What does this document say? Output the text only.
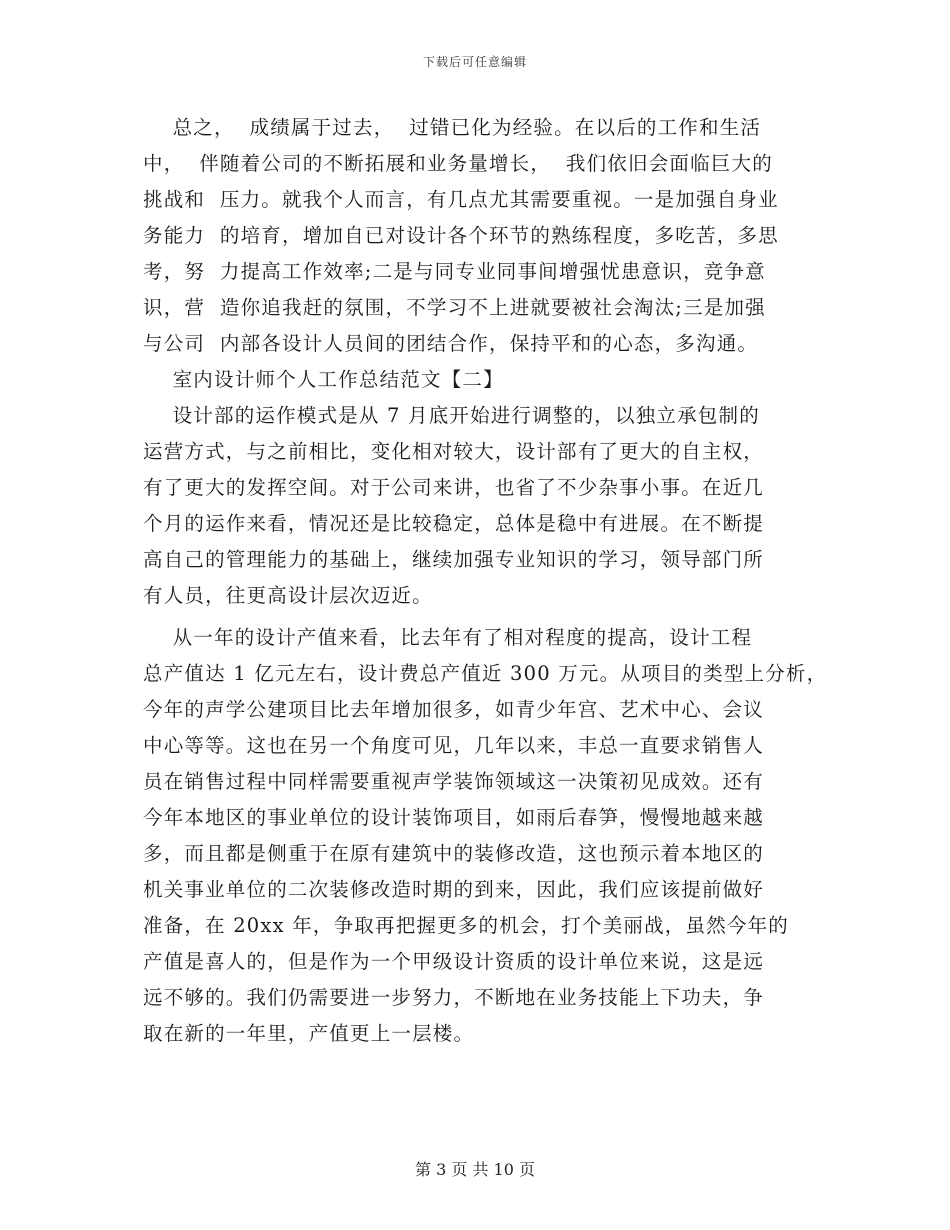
下载后可任意编辑
总之，  成绩属于过去，  过错已化为经验。在以后的工作和生活
中，  伴随着公司的不断拓展和业务量增长，  我们依旧会面临巨大的
挑战和  压力。就我个人而言，有几点尤其需要重视。一是加强自身业
务能力  的培育，增加自已对设计各个环节的熟练程度，多吃苦，多思
考，努  力提高工作效率;二是与同专业同事间增强忧患意识，竞争意
识，营  造你追我赶的氛围，不学习不上进就要被社会淘汰;三是加强
与公司  内部各设计人员间的团结合作，保持平和的心态，多沟通。
室内设计师个人工作总结范文【二】
设计部的运作模式是从 7 月底开始进行调整的，以独立承包制的
运营方式，与之前相比，变化相对较大，设计部有了更大的自主权，
有了更大的发挥空间。对于公司来讲，也省了不少杂事小事。在近几
个月的运作来看，情况还是比较稳定，总体是稳中有进展。在不断提
高自己的管理能力的基础上，继续加强专业知识的学习，领导部门所
有人员，往更高设计层次迈近。
从一年的设计产值来看，比去年有了相对程度的提高，设计工程
总产值达 1 亿元左右，设计费总产值近 300 万元。从项目的类型上分析，
今年的声学公建项目比去年增加很多，如青少年宫、艺术中心、会议
中心等等。这也在另一个角度可见，几年以来，丰总一直要求销售人
员在销售过程中同样需要重视声学装饰领域这一决策初见成效。还有
今年本地区的事业单位的设计装饰项目，如雨后春笋，慢慢地越来越
多，而且都是侧重于在原有建筑中的装修改造，这也预示着本地区的
机关事业单位的二次装修改造时期的到来，因此，我们应该提前做好
准备，在 20xx 年，争取再把握更多的机会，打个美丽战，虽然今年的
产值是喜人的，但是作为一个甲级设计资质的设计单位来说，这是远
远不够的。我们仍需要进一步努力，不断地在业务技能上下功夫，争
取在新的一年里，产值更上一层楼。
第 3 页 共 10 页
